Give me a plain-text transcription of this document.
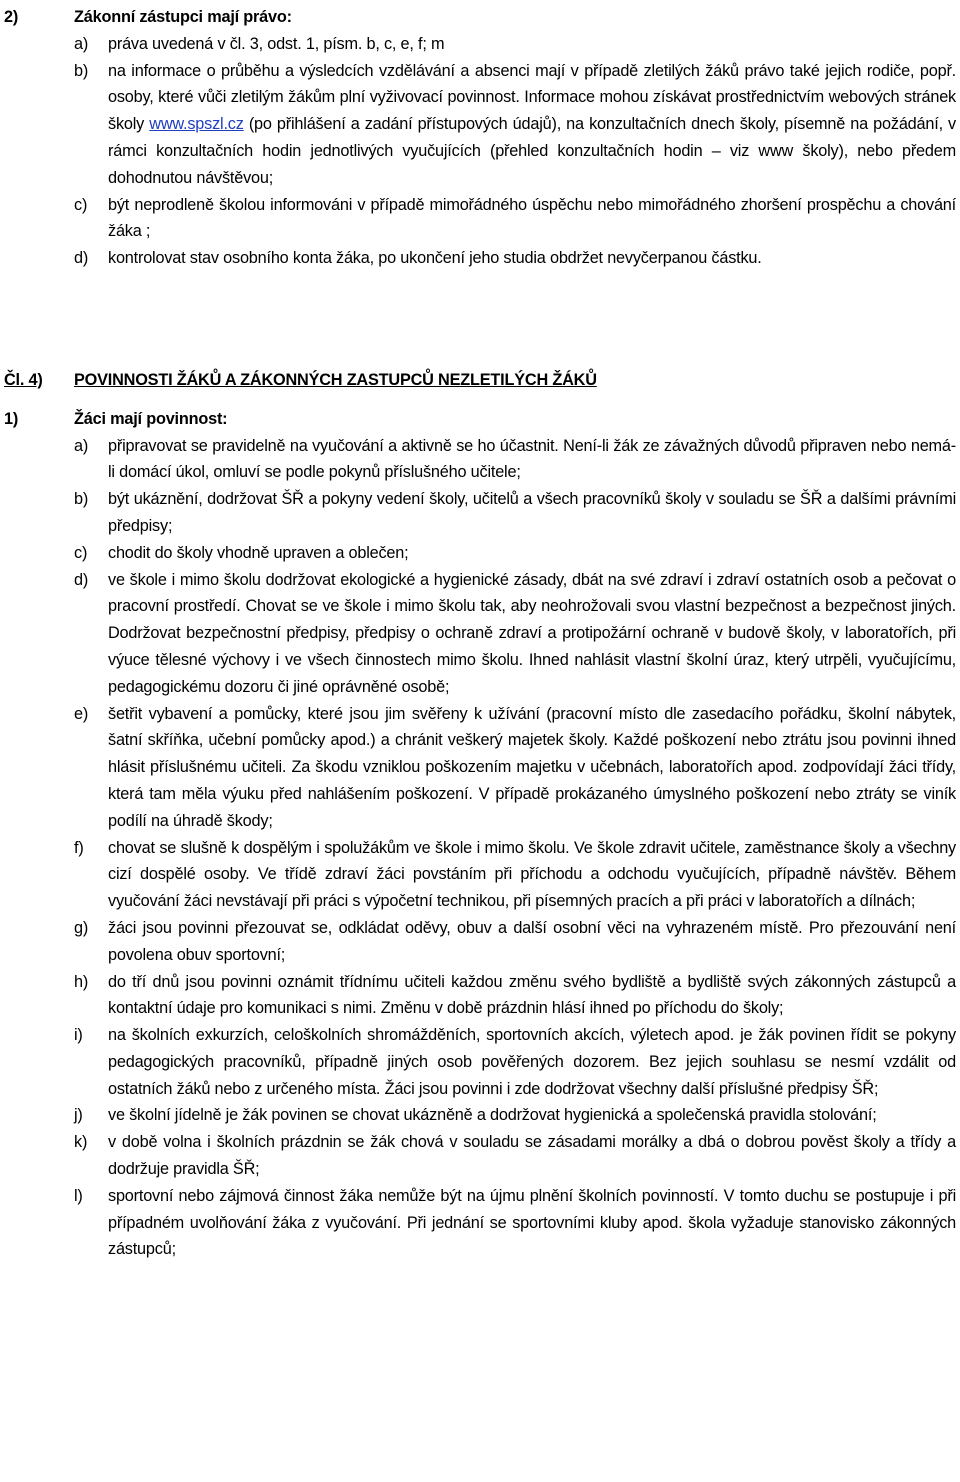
2)	Zákonní zástupci mají právo:
a)	práva uvedená v čl. 3, odst. 1, písm. b, c, e, f; m
b)	na informace o průběhu a výsledcích vzdělávání a absenci mají v případě zletilých žáků právo také jejich rodiče, popř. osoby, které vůči zletilým žákům plní vyživovací povinnost. Informace mohou získávat prostřednictvím webových stránek školy www.spszl.cz (po přihlášení a zadání přístupových údajů), na konzultačních dnech školy, písemně na požádání, v rámci konzultačních hodin jednotlivých vyučujících (přehled konzultačních hodin – viz www školy), nebo předem dohodnutou návštěvou;
c)	být neprodleně školou informováni v případě mimořádného úspěchu nebo mimořádného zhoršení prospěchu a chování žáka ;
d)	kontrolovat stav osobního konta žáka, po ukončení jeho studia obdržet nevyčerpanou částku.
Čl. 4)	POVINNOSTI ŽÁKŮ A ZÁKONNÝCH ZASTUPCŮ NEZLETILÝCH ŽÁKŮ
1)	Žáci mají povinnost:
a)	připravovat se pravidelně na vyučování a aktivně se ho účastnit. Není-li žák ze závažných důvodů připraven nebo nemá-li domácí úkol, omluví se podle pokynů příslušného učitele;
b)	být ukáznění, dodržovat ŠŘ a pokyny vedení školy, učitelů a všech pracovníků školy v souladu se ŠŘ a dalšími právními předpisy;
c)	chodit do školy vhodně upraven a oblečen;
d)	ve škole i mimo školu dodržovat ekologické a hygienické zásady, dbát na své zdraví i zdraví ostatních osob a pečovat o pracovní prostředí. Chovat se ve škole i mimo školu tak, aby neohrožovali svou vlastní bezpečnost a bezpečnost jiných. Dodržovat bezpečnostní předpisy, předpisy o ochraně zdraví a protipožární ochraně v budově školy, v laboratořích, při výuce tělesné výchovy i ve všech činnostech mimo školu. Ihned nahlásit vlastní školní úraz, který utrpěli, vyučujícímu, pedagogickému dozoru či jiné oprávněné osobě;
e)	šetřit vybavení a pomůcky, které jsou jim svěřeny k užívání (pracovní místo dle zasedacího pořádku, školní nábytek, šatní skříňka, učební pomůcky apod.) a chránit veškerý majetek školy. Každé poškození nebo ztrátu jsou povinni ihned hlásit příslušnému učiteli. Za škodu vzniklou poškozením majetku v učebnách, laboratořích apod. zodpovídají žáci třídy, která tam měla výuku před nahlášením poškození. V případě prokázaného úmyslného poškození nebo ztráty se viník podílí na úhradě škody;
f)	chovat se slušně k dospělým i spolužákům ve škole i mimo školu. Ve škole zdravit učitele, zaměstnance školy a všechny cizí dospělé osoby. Ve třídě zdraví žáci povstáním při příchodu a odchodu vyučujících, případně návštěv. Během vyučování žáci nevstávají při práci s výpočetní technikou, při písemných pracích a při práci v laboratořích a dílnách;
g)	žáci jsou povinni přezouvat se, odkládat oděvy, obuv a další osobní věci na vyhrazeném místě. Pro přezouvání není povolena obuv sportovní;
h)	do tří dnů jsou povinni oznámit třídnímu učiteli každou změnu svého bydliště a bydliště svých zákonných zástupců a kontaktní údaje pro komunikaci s nimi. Změnu v době prázdnin hlásí ihned po příchodu do školy;
i)	na školních exkurzích, celoškolních shromážděních, sportovních akcích, výletech apod. je žák povinen řídit se pokyny pedagogických pracovníků, případně jiných osob pověřených dozorem. Bez jejich souhlasu se nesmí vzdálit od ostatních žáků nebo z určeného místa. Žáci jsou povinni i zde dodržovat všechny další příslušné předpisy ŠŘ;
j)	ve školní jídelně je žák povinen se chovat ukázněně a dodržovat hygienická a společenská pravidla stolování;
k)	v době volna i školních prázdnin se žák chová v souladu se zásadami morálky a dbá o dobrou pověst školy a třídy a dodržuje pravidla ŠŘ;
l)	sportovní nebo zájmová činnost žáka nemůže být na újmu plnění školních povinností. V tomto duchu se postupuje i při případném uvolňování žáka z vyučování. Při jednání se sportovními kluby apod. škola vyžaduje stanovisko zákonných zástupců;
